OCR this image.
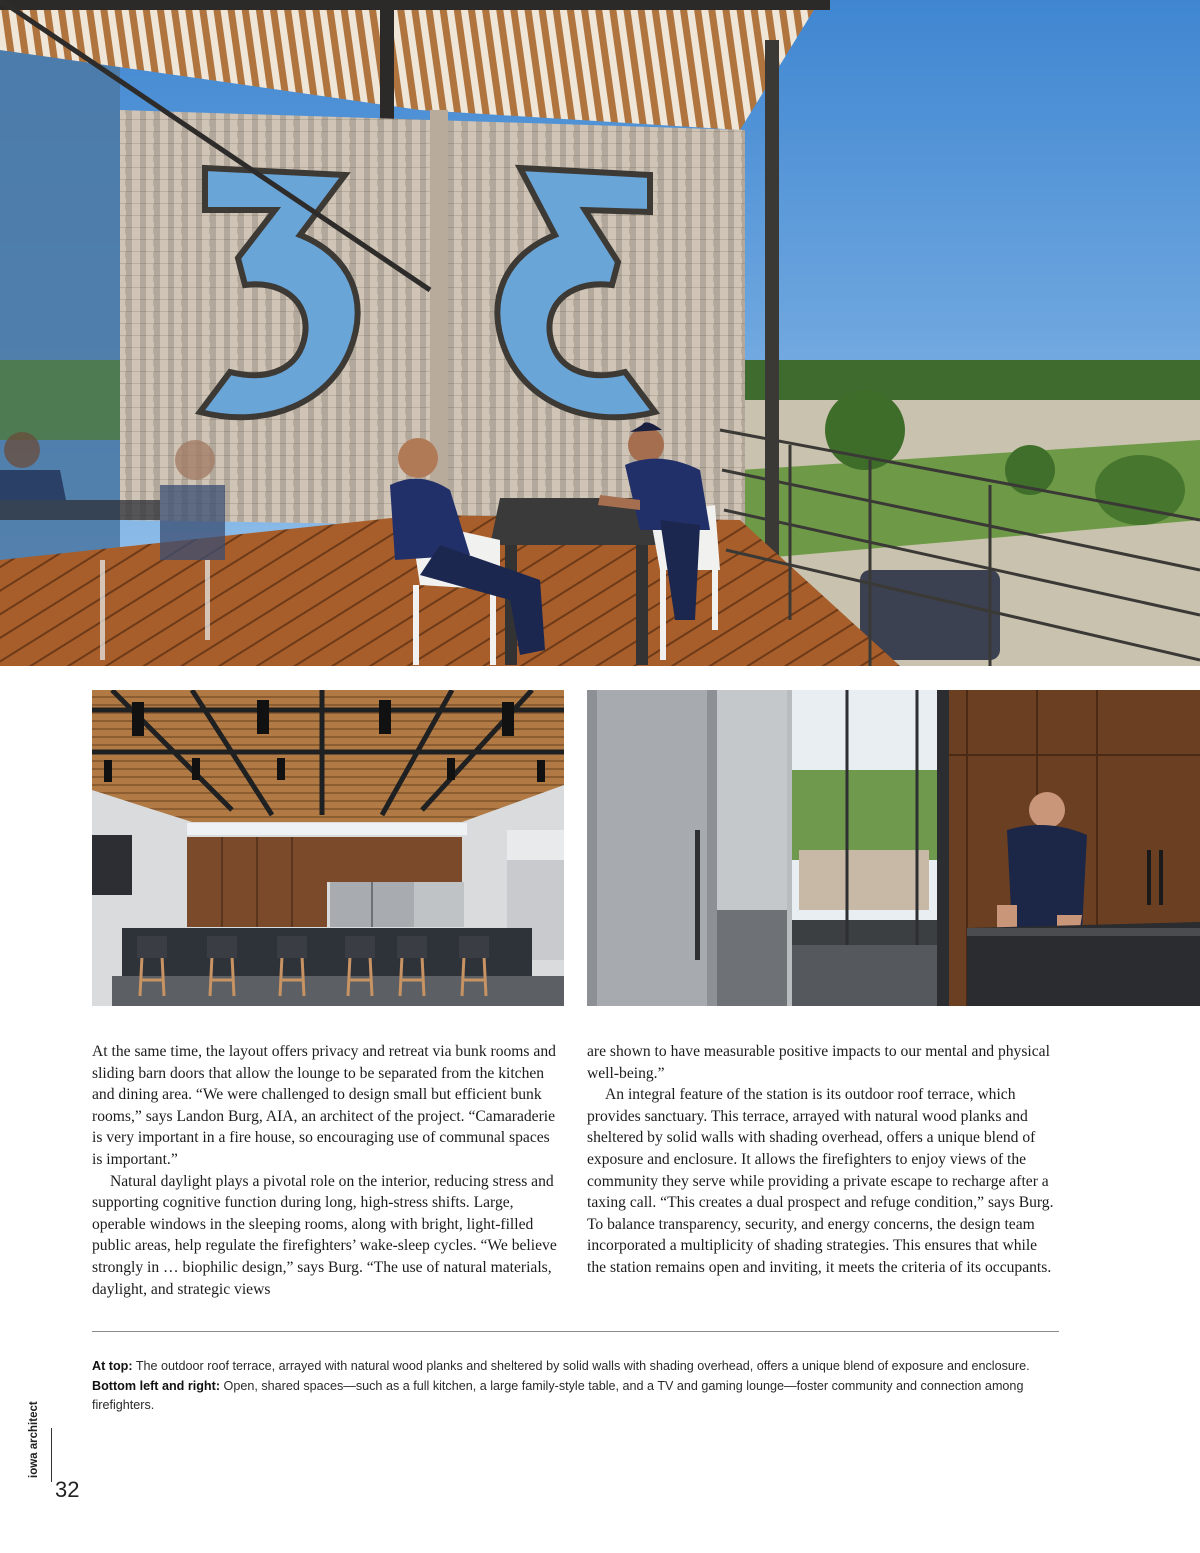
At the same time, the layout offers privacy and retreat via bunk rooms and sliding barn doors that allow the lounge to be separated from the kitchen and dining area. “We were challenged to design small but efficient bunk rooms,” says Landon Burg, AIA, an architect of the project. “Camaraderie is very important in a fire house, so encouraging use of communal spaces is important.”

Natural daylight plays a pivotal role on the interior, reducing stress and supporting cognitive function during long, high-stress shifts. Large, operable windows in the sleeping rooms, along with bright, light-filled public areas, help regulate the firefighters’ wake-sleep cycles. “We believe strongly in … biophilic design,” says Burg. “The use of natural materials, daylight, and strategic views

are shown to have measurable positive impacts to our mental and physical well-being.”

An integral feature of the station is its outdoor roof terrace, which provides sanctuary. This terrace, arrayed with natural wood planks and sheltered by solid walls with shading overhead, offers a unique blend of exposure and enclosure. It allows the firefighters to enjoy views of the community they serve while providing a private escape to recharge after a taxing call. “This creates a dual prospect and refuge condition,” says Burg. To balance transparency, security, and energy concerns, the design team incorporated a multiplicity of shading strategies. This ensures that while the station remains open and inviting, it meets the criteria of its occupants.

At top: The outdoor roof terrace, arrayed with natural wood planks and sheltered by solid walls with shading overhead, offers a unique blend of exposure and enclosure. Bottom left and right: Open, shared spaces—such as a full kitchen, a large family-style table, and a TV and gaming lounge—foster community and connection among firefighters.
iowa architect
32
